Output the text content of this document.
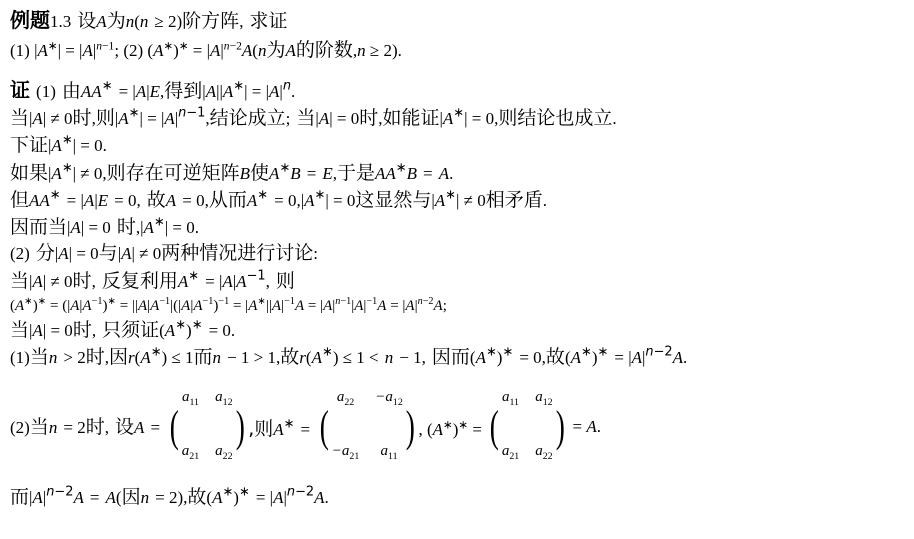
例题1.3 设A为n(n ≥ 2)阶方阵, 求证
(1) $|A^∗| = |A|^{n-1}$; (2) $(A^∗)^∗ = |A|^{n-2}A(n$为A的阶数,n ≥ 2).
证 (1) 由AA∗ = |A|E,得到$|A||A^∗| = |A|^n$.
当|A| ≠ 0时,则$|A^∗| = |A|^{n-1}$,结论成立; 当|A| = 0时,如能证|A∗| = 0,则结论也成立.
下证|A∗| = 0.
如果|A∗| ≠ 0,则存在可逆矩阵B使A∗B = E,于是AA∗B = A.
但AA∗ = |A|E = 0, 故A = 0,从而A∗ = 0,|A∗| = 0这显然与|A∗| ≠ 0相矛盾.
因而当|A| = 0 时,|A∗| = 0.
(2) 分|A| = 0与|A| ≠ 0两种情况进行讨论:
当|A| ≠ 0时, 反复利用$A^∗ = |A|A^{-1}$, 则
$(A^∗)^∗ = (|A|A^{-1})^∗ = ||A|A^{-1}|(|A|A^{-1})^{-1} = |A^∗||A|^{-1}A = |A|^{n-1}|A|^{-1}A = |A|^{n-2}A$;
当|A| = 0时, 只须证(A∗)∗ = 0.
(1)当n > 2时,因r(A∗) ≤ 1而n − 1 > 1,故r(A∗) ≤ 1 < n − 1, 因而(A∗)∗ = 0,故$(A^∗)^∗ = |A|^{n-2}A$.
(2)当n = 2时, 设A = (
$a_{11}$ $a_{12}$
$a_{21}$ $a_{22}$
) ,则A∗ = (
$a_{22}$	$-a_{12}$
$-a_{21}$	$a_{11}$
) , (A∗)∗ = (
$a_{11}$ $a_{12}$
$a_{21}$ $a_{22}$
) = A.
而$|A|^{n-2}A = A$(因n = 2),故$(A^∗)^∗ = |A|^{n-2}A$.
